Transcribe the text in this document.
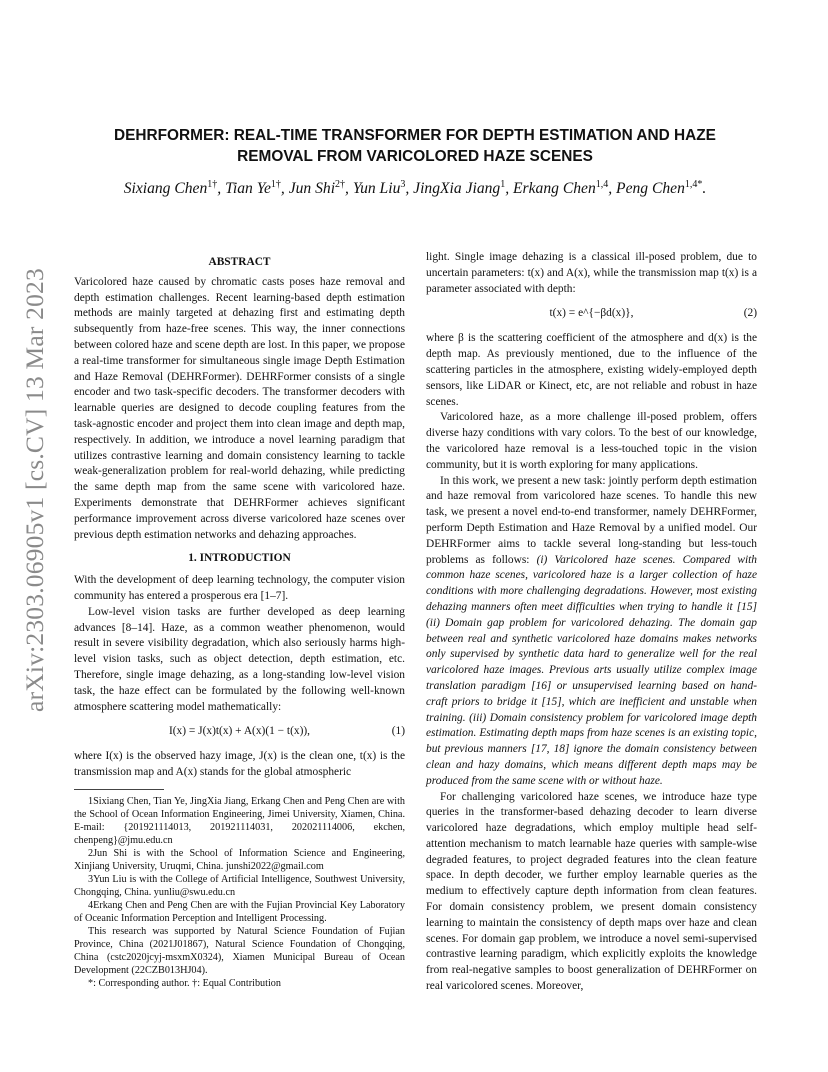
arXiv:2303.06905v1 [cs.CV] 13 Mar 2023
DEHRFORMER: REAL-TIME TRANSFORMER FOR DEPTH ESTIMATION AND HAZE
REMOVAL FROM VARICOLORED HAZE SCENES
Sixiang Chen$^{1\dagger}$, Tian $Ye^{1\dagger}$, Jun Shi$^{2\dagger}$, Yun Liu$^3$, JingXia Jiang$^1$, Erkang Chen$^{1,4}$, Peng Chen$^{1,4*}$.
ABSTRACT

Varicolored haze caused by chromatic casts poses haze removal and depth estimation challenges. Recent learning-based depth estimation methods are mainly targeted at dehazing first and estimating depth subsequently from haze-free scenes. This way, the inner connections between colored haze and scene depth are lost. In this paper, we propose a real-time transformer for simultaneous single image Depth Estimation and Haze Removal (DEHRFormer). DEHRFormer consists of a single encoder and two task-specific decoders. The transformer decoders with learnable queries are designed to decode coupling features from the task-agnostic encoder and project them into clean image and depth map, respectively. In addition, we introduce a novel learning paradigm that utilizes contrastive learning and domain consistency learning to tackle weak-generalization problem for real-world dehazing, while predicting the same depth map from the same scene with varicolored haze. Experiments demonstrate that DEHRFormer achieves significant performance improvement across diverse varicolored haze scenes over previous depth estimation networks and dehazing approaches.

1. INTRODUCTION

With the development of deep learning technology, the computer vision community has entered a prosperous era [1–7].

Low-level vision tasks are further developed as deep learning advances [8–14]. Haze, as a common weather phenomenon, would result in severe visibility degradation, which also seriously harms high-level vision tasks, such as object detection, depth estimation, etc. Therefore, single image dehazing, as a long-standing low-level vision task, the haze effect can be formulated by the following well-known atmosphere scattering model mathematically:

I(x) = J(x)t(x) + A(x)(1 − t(x)),	(1)

where I(x) is the observed hazy image, J(x) is the clean one, t(x) is the transmission map and A(x) stands for the global atmospheric

1Sixiang Chen, Tian Ye, JingXia Jiang, Erkang Chen and Peng Chen are with the School of Ocean Information Engineering, Jimei University, Xiamen, China. E-mail: {201921114013, 201921114031, 202021114006, ekchen, chenpeng}@jmu.edu.cn

2Jun Shi is with the School of Information Science and Engineering, Xinjiang University, Uruqmi, China. junshi2022@gmail.com

3Yun Liu is with the College of Artificial Intelligence, Southwest University, Chongqing, China. yunliu@swu.edu.cn

4Erkang Chen and Peng Chen are with the Fujian Provincial Key Laboratory of Oceanic Information Perception and Intelligent Processing.

This research was supported by Natural Science Foundation of Fujian Province, China (2021J01867), Natural Science Foundation of Chongqing, China (cstc2020jcyj-msxmX0324), Xiamen Municipal Bureau of Ocean Development (22CZB013HJ04).

*: Corresponding author. †: Equal Contribution

light. Single image dehazing is a classical ill-posed problem, due to uncertain parameters: t(x) and A(x), while the transmission map t(x) is a parameter associated with depth:

t(x) = e^{−βd(x)},	(2)

where β is the scattering coefficient of the atmosphere and d(x) is the depth map. As previously mentioned, due to the influence of the scattering particles in the atmosphere, existing widely-employed depth sensors, like LiDAR or Kinect, etc, are not reliable and robust in haze scenes.

Varicolored haze, as a more challenge ill-posed problem, offers diverse hazy conditions with vary colors. To the best of our knowledge, the varicolored haze removal is a less-touched topic in the vision community, but it is worth exploring for many applications.

In this work, we present a new task: jointly perform depth estimation and haze removal from varicolored haze scenes. To handle this new task, we present a novel end-to-end transformer, namely DEHRFormer, perform Depth Estimation and Haze Removal by a unified model. Our DEHRFormer aims to tackle several long-standing but less-touch problems as follows: (i) Varicolored haze scenes. Compared with common haze scenes, varicolored haze is a larger collection of haze conditions with more challenging degradations. However, most existing dehazing manners often meet difficulties when trying to handle it [15] (ii) Domain gap problem for varicolored dehazing. The domain gap between real and synthetic varicolored haze domains makes networks only supervised by synthetic data hard to generalize well for the real varicolored haze images. Previous arts usually utilize complex image translation paradigm [16] or unsupervised learning based on hand-craft priors to bridge it [15], which are inefficient and unstable when training. (iii) Domain consistency problem for varicolored image depth estimation. Estimating depth maps from haze scenes is an existing topic, but previous manners [17, 18] ignore the domain consistency between clean and hazy domains, which means different depth maps may be produced from the same scene with or without haze.

For challenging varicolored haze scenes, we introduce haze type queries in the transformer-based dehazing decoder to learn diverse varicolored haze degradations, which employ multiple head self-attention mechanism to match learnable haze queries with sample-wise degraded features, to project degraded features into the clean feature space. In depth decoder, we further employ learnable queries as the medium to effectively capture depth information from clean features. For domain consistency problem, we present domain consistency learning to maintain the consistency of depth maps over haze and clean scenes. For domain gap problem, we introduce a novel semi-supervised contrastive learning paradigm, which explicitly exploits the knowledge from real-negative samples to boost generalization of DEHRFormer on real varicolored scenes. Moreover,
